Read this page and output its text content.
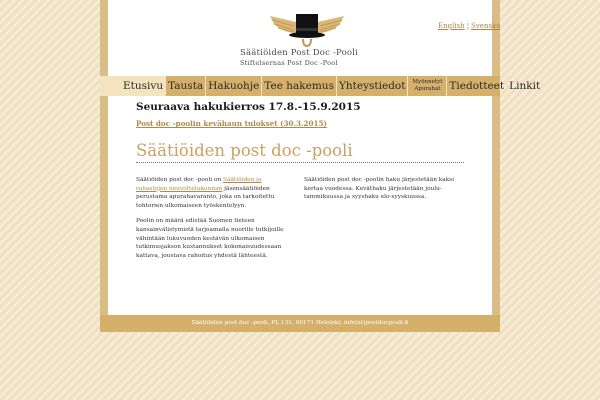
Säätiöiden Post Doc -Pooli
Stiftelsernas Post Doc -Pool
English ¦ Svenska
Etusivu Tausta Hakuohje Tee hakemus Yhteystiedot	Myönnetyt
Apurahat Tiedotteet Linkit
Seuraava hakukierros 17.8.-15.9.2015
Post doc -poolin kevähaun tulokset (30.3.2015)
Säätiöiden post doc -pooli

Säätiöiden post doc -pooli on Säätiöiden ja rahastojen neuvottelukunnan jäsensäätiöiden perustama apurahavaranto, joka on tarkoitettu tohtorien ulkomaiseen työskentelyyn.

Poolin on määrä edistää Suomen tieteen kansainvälistymistä tarjoamalla nuorille tutkijoille vähintään lukuvuoden kestävän ulkomaisen tutkimusjakson kustannukset kokonaisuudessaan kattava, joustava rahoitus yhdestä lähteestä.

Säätiöiden post doc -poolin haku järjestetään kaksi kertaa vuodessa. Keväthaku järjestetään joulu-tammikuussa ja syyshaku elo-syyskuussa.

Säätiöiden post doc -pooli, PL 131, 00171 Helsinki, info(at)postdocpooli.fi
